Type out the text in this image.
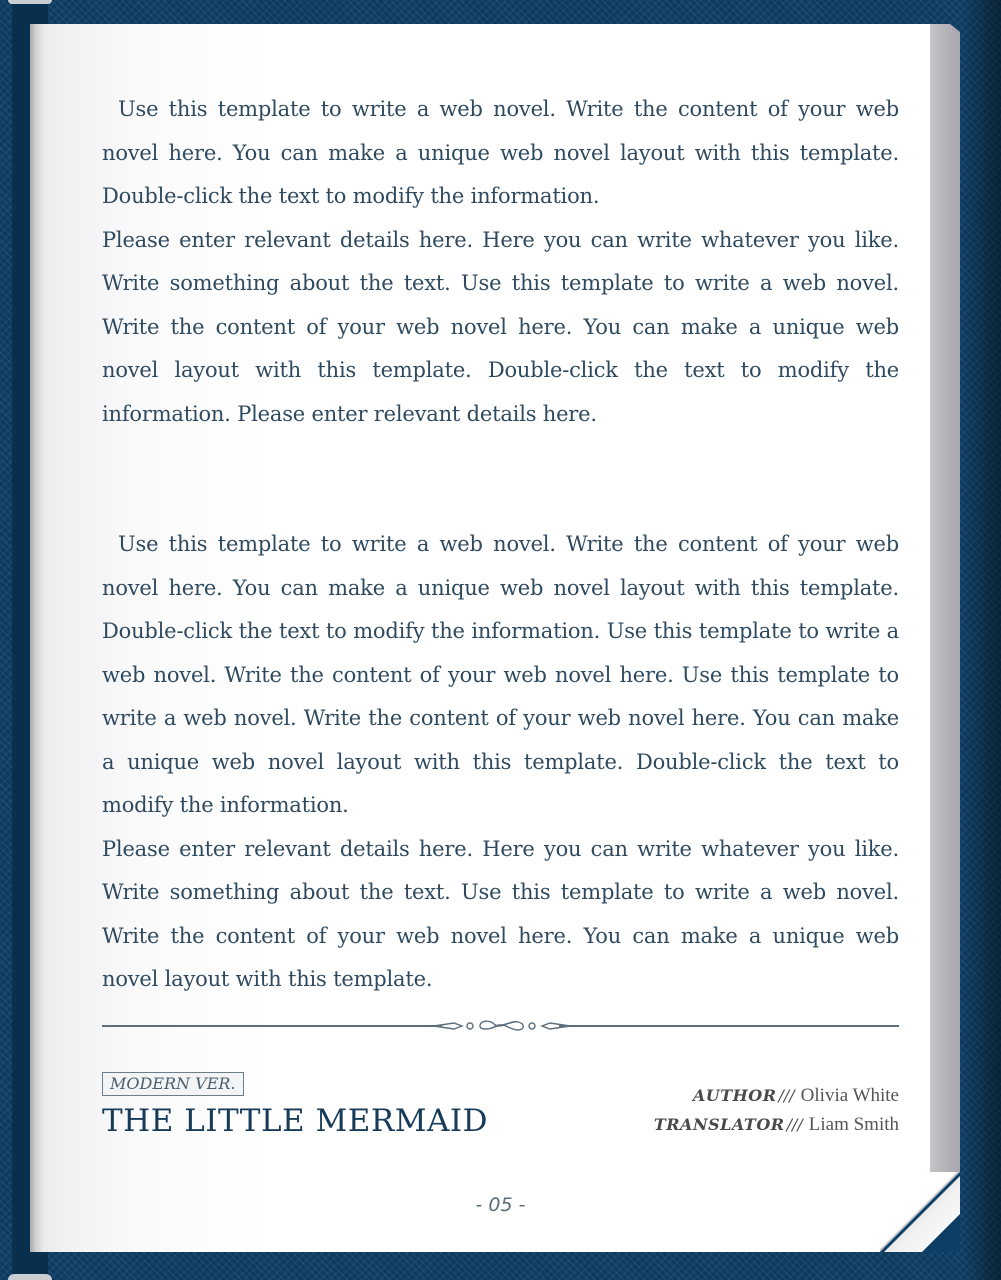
Use this template to write a web novel. Write the content of your web novel here. You can make a unique web novel layout with this template. Double-click the text to modify the information.

Please enter relevant details here. Here you can write whatever you like. Write something about the text. Use this template to write a web novel. Write the content of your web novel here. You can make a unique web novel layout with this template. Double-click the text to modify the information. Please enter relevant details here.

Use this template to write a web novel. Write the content of your web novel here. You can make a unique web novel layout with this template. Double-click the text to modify the information. Use this template to write a web novel. Write the content of your web novel here. Use this template to write a web novel. Write the content of your web novel here. You can make a unique web novel layout with this template. Double-click the text to modify the information.

Please enter relevant details here. Here you can write whatever you like. Write something about the text. Use this template to write a web novel. Write the content of your web novel here. You can make a unique web novel layout with this template.

MODERN VER.
THE LITTLE MERMAID
AUTHOR /// Olivia White
TRANSLATOR /// Liam Smith
- 05 -
